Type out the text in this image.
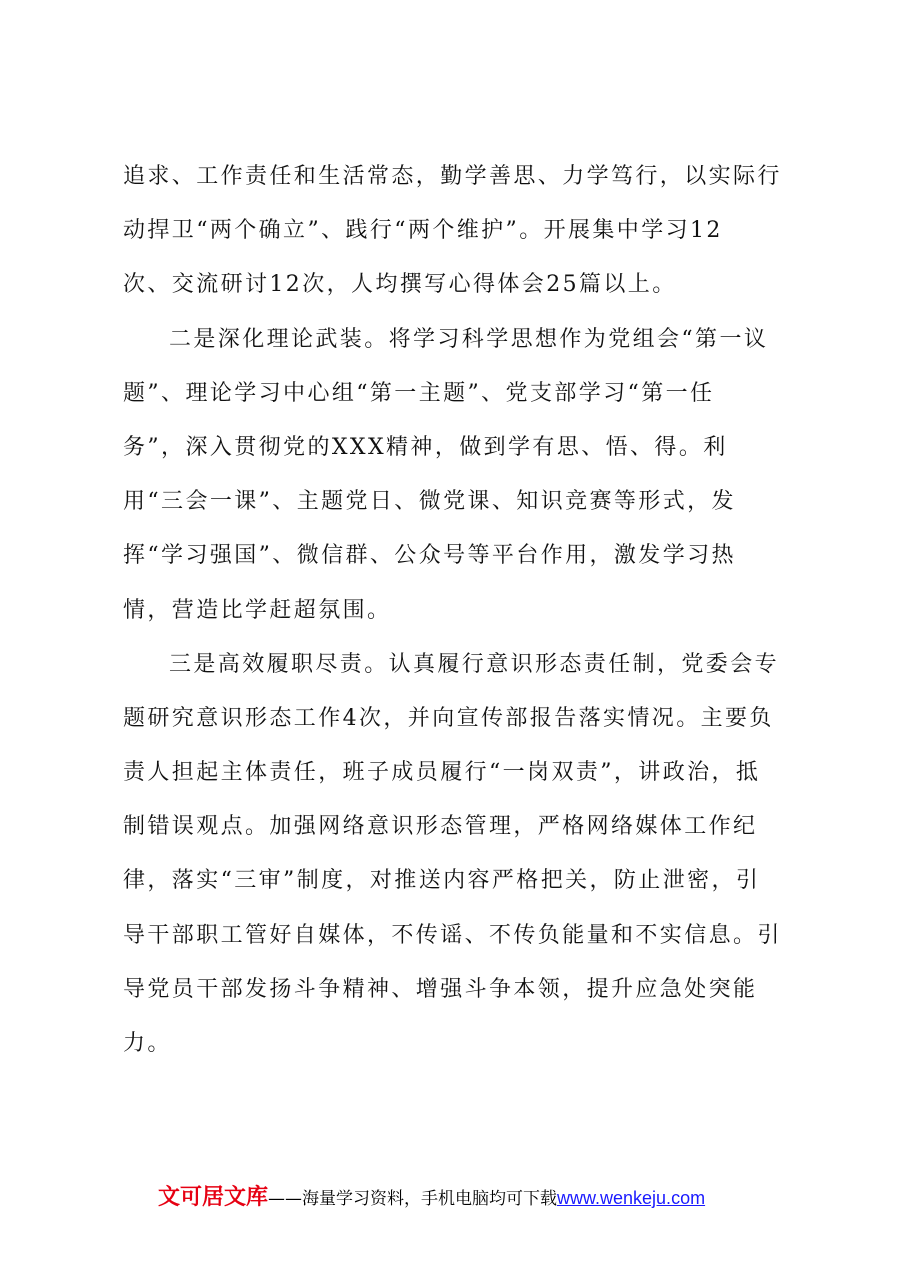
追求、工作责任和生活常态，勤学善思、力学笃行，以实际行
动捍卫“两个确立”、践行“两个维护”。开展集中学习12
次、交流研讨12次，人均撰写心得体会25篇以上。
二是深化理论武装。将学习科学思想作为党组会“第一议
题”、理论学习中心组“第一主题”、党支部学习“第一任
务”，深入贯彻党的XXX精神，做到学有思、悟、得。利
用“三会一课”、主题党日、微党课、知识竞赛等形式，发
挥“学习强国”、微信群、公众号等平台作用，激发学习热
情，营造比学赶超氛围。
三是高效履职尽责。认真履行意识形态责任制，党委会专
题研究意识形态工作4次，并向宣传部报告落实情况。主要负
责人担起主体责任，班子成员履行“一岗双责”，讲政治，抵
制错误观点。加强网络意识形态管理，严格网络媒体工作纪
律，落实“三审”制度，对推送内容严格把关，防止泄密，引
导干部职工管好自媒体，不传谣、不传负能量和不实信息。引
导党员干部发扬斗争精神、增强斗争本领，提升应急处突能
力。
文可居文库——海量学习资料，手机电脑均可下载www.wenkeju.com
